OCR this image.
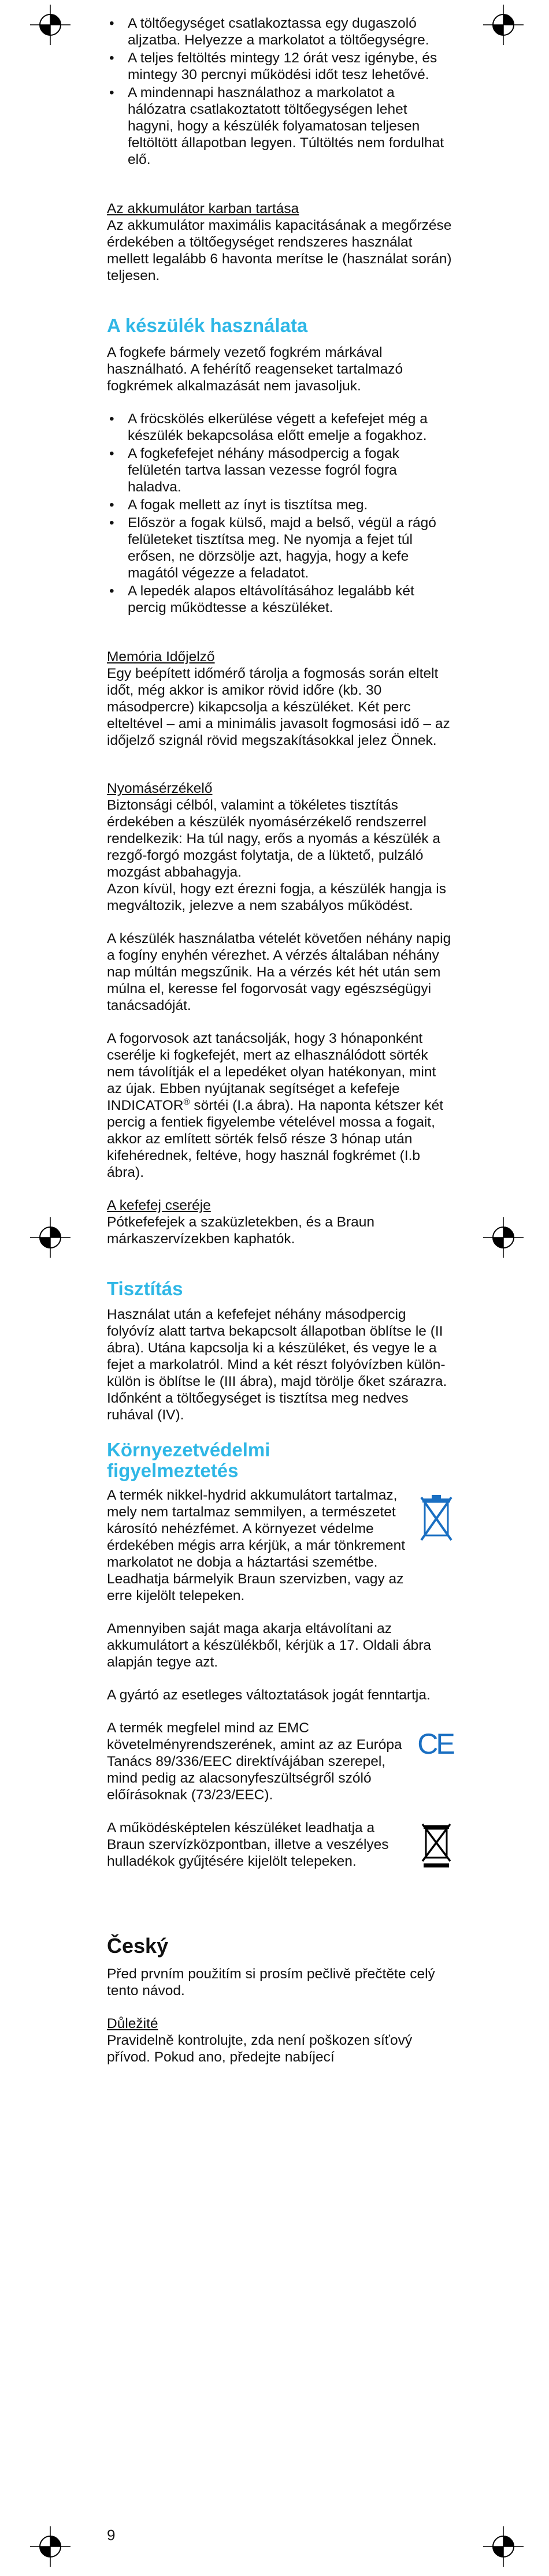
• A töltőegységet csatlakoztassa egy dugaszoló aljzatba. Helyezze a markolatot a töltőegységre.
• A teljes feltöltés mintegy 12 órát vesz igénybe, és mintegy 30 percnyi működési időt tesz lehetővé.
• A mindennapi használathoz a markolatot a hálózatra csatlakoztatott töltőegységen lehet hagyni, hogy a készülék folyamatosan teljesen feltöltött állapotban legyen. Túltöltés nem fordulhat elő.
Az akkumulátor karban tartása

Az akkumulátor maximális kapacitásának a megőrzése érdekében a töltőegységet rendszeres használat mellett legalább 6 havonta merítse le (használat során) teljesen.

A készülék használata

A fogkefe bármely vezető fogkrém márkával használható. A fehérítő reagenseket tartalmazó fogkrémek alkalmazását nem javasoljuk.

• A fröcskölés elkerülése végett a kefefejet még a készülék bekapcsolása előtt emelje a fogakhoz.
• A fogkefefejet néhány másodpercig a fogak felületén tartva lassan vezesse fogról fogra haladva.
• A fogak mellett az ínyt is tisztítsa meg.
• Először a fogak külső, majd a belső, végül a rágó felületeket tisztítsa meg. Ne nyomja a fejet túl erősen, ne dörzsölje azt, hagyja, hogy a kefe magától végezze a feladatot.
• A lepedék alapos eltávolításához legalább két percig működtesse a készüléket.
Memória Időjelző

Egy beépített időmérő tárolja a fogmosás során eltelt időt, még akkor is amikor rövid időre (kb. 30 másodpercre) kikapcsolja a készüléket. Két perc elteltével – ami a minimális javasolt fogmosási idő – az időjelző szignál rövid megszakításokkal jelez Önnek.

Nyomásérzékelő

Biztonsági célból, valamint a tökéletes tisztítás érdekében a készülék nyomásérzékelő rendszerrel rendelkezik: Ha túl nagy, erős a nyomás a készülék a rezgő-forgó mozgást folytatja, de a lüktető, pulzáló mozgást abbahagyja.

Azon kívül, hogy ezt érezni fogja, a készülék hangja is megváltozik, jelezve a nem szabályos működést.

A készülék használatba vételét követően néhány napig a fogíny enyhén vérezhet. A vérzés általában néhány nap múltán megszűnik. Ha a vérzés két hét után sem múlna el, keresse fel fogorvosát vagy egészségügyi tanácsadóját.

A fogorvosok azt tanácsolják, hogy 3 hónaponként cserélje ki fogkefejét, mert az elhasználódott sörték nem távolítják el a lepedéket olyan hatékonyan, mint az újak. Ebben nyújtanak segítséget a kefefeje INDICATOR® sörtéi (I.a ábra). Ha naponta kétszer két percig a fentiek figyelembe vételével mossa a fogait, akkor az említett sörték felső része 3 hónap után kifehérednek, feltéve, hogy használ fogkrémet (I.b ábra).

A kefefej cseréje

Pótkefefejek a szaküzletekben, és a Braun márkaszervízekben kaphatók.

Tisztítás

Használat után a kefefejet néhány másodpercig folyóvíz alatt tartva bekapcsolt állapotban öblítse le (II ábra). Utána kapcsolja ki a készüléket, és vegye le a fejet a markolatról. Mind a két részt folyóvízben külön-külön is öblítse le (III ábra), majd törölje őket szárazra.

Időnként a töltőegységet is tisztítsa meg nedves ruhával (IV).

Környezetvédelmi figyelmeztetés

A termék nikkel-hydrid akkumulátort tartalmaz, mely nem tartalmaz semmilyen, a természetet károsító nehézfémet. A környezet védelme érdekében mégis arra kérjük, a már tönkrement markolatot ne dobja a háztartási szemétbe. Leadhatja bármelyik Braun szervizben, vagy az erre kijelölt telepeken.

Amennyiben saját maga akarja eltávolítani az akkumulátort a készülékből, kérjük a 17. Oldali ábra alapján tegye azt.

A gyártó az esetleges változtatások jogát fenntartja.

A termék megfelel mind az EMC követelményrendszerének, amint az az Európa Tanács 89/336/EEC direktívájában szerepel, mind pedig az alacsonyfeszültségről szóló előírásoknak (73/23/EEC).

CE

A működésképtelen készüléket leadhatja a Braun szervízközpontban, illetve a veszélyes hulladékok gyűjtésére kijelölt telepeken.

Český

Před prvním použitím si prosím pečlivě přečtěte celý tento návod.

Důležité

Pravidelně kontrolujte, zda není poškozen síťový přívod. Pokud ano, předejte nabíjecí

9
